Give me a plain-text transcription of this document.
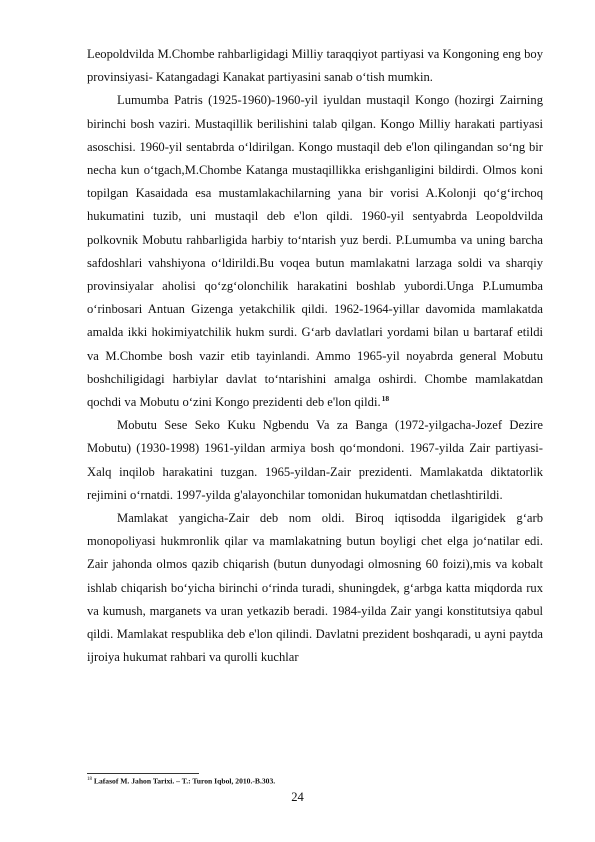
Leopoldvilda M.Chombe rahbarligidagi Milliy taraqqiyot partiyasi va Kongoning eng boy provinsiyasi- Katangadagi Kanakat partiyasini sanab o‘tish mumkin.

Lumumba Patris (1925-1960)-1960-yil iyuldan mustaqil Kongo (hozirgi Zairning birinchi bosh vaziri. Mustaqillik berilishini talab qilgan. Kongo Milliy harakati partiyasi asoschisi. 1960-yil sentabrda o‘ldirilgan. Kongo mustaqil deb e'lon qilingandan so‘ng bir necha kun o‘tgach,M.Chombe Katanga mustaqillikka erishganligini bildirdi. Olmos koni topilgan Kasaidada esa mustamlakachilarning yana bir vorisi A.Kolonji qo‘g‘irchoq hukumatini tuzib, uni mustaqil deb e'lon qildi. 1960-yil sentyabrda Leopoldvilda polkovnik Mobutu rahbarligida harbiy to‘ntarish yuz berdi. P.Lumumba va uning barcha safdoshlari vahshiyona o‘ldirildi.Bu voqea butun mamlakatni larzaga soldi va sharqiy provinsiyalar aholisi qo‘zg‘olonchilik harakatini boshlab yubordi.Unga P.Lumumba o‘rinbosari Antuan Gizenga yetakchilik qildi. 1962-1964-yillar davomida mamlakatda amalda ikki hokimiyatchilik hukm surdi. G‘arb davlatlari yordami bilan u bartaraf etildi va M.Chombe bosh vazir etib tayinlandi. Ammo 1965-yil noyabrda general Mobutu boshchiligidagi harbiylar davlat to‘ntarishini amalga oshirdi. Chombe mamlakatdan qochdi va Mobutu o‘zini Kongo prezidenti deb e'lon qildi.$^{18}$

Mobutu Sese Seko Kuku Ngbendu Va za Banga (1972-yilgacha-Jozef Dezire Mobutu) (1930-1998) 1961-yildan armiya bosh qo‘mondoni. 1967-yilda Zair partiyasi-Xalq inqilob harakatini tuzgan. 1965-yildan-Zair prezidenti. Mamlakatda diktatorlik rejimini o‘rnatdi. 1997-yilda g'alayonchilar tomonidan hukumatdan chetlashtirildi.

Mamlakat yangicha-Zair deb nom oldi. Biroq iqtisodda ilgarigidek g‘arb monopoliyasi hukmronlik qilar va mamlakatning butun boyligi chet elga jo‘natilar edi. Zair jahonda olmos qazib chiqarish (butun dunyodagi olmosning 60 foizi),mis va kobalt ishlab chiqarish bo‘yicha birinchi o‘rinda turadi, shuningdek, g‘arbga katta miqdorda rux va kumush, marganets va uran yetkazib beradi. 1984-yilda Zair yangi konstitutsiya qabul qildi. Mamlakat respublika deb e'lon qilindi. Davlatni prezident boshqaradi, u ayni paytda ijroiya hukumat rahbari va qurolli kuchlar

$^{18}$ Lafasof M. Jahon Tarixi. – T.: Turon Iqbol, 2010.-B.303.
24
